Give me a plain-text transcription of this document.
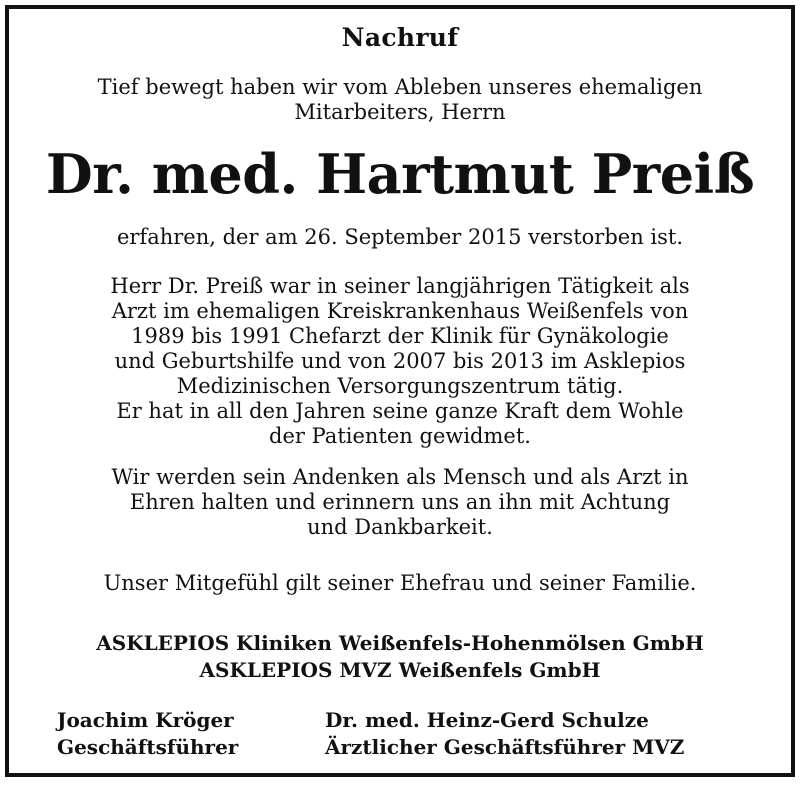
Nachruf
Tief bewegt haben wir vom Ableben unseres ehemaligen
Mitarbeiters, Herrn
Dr. med. Hartmut Preiß
erfahren, der am 26. September 2015 verstorben ist.
Herr Dr. Preiß war in seiner langjährigen Tätigkeit als
Arzt im ehemaligen Kreiskrankenhaus Weißenfels von
1989 bis 1991 Chefarzt der Klinik für Gynäkologie
und Geburtshilfe und von 2007 bis 2013 im Asklepios
Medizinischen Versorgungszentrum tätig.
Er hat in all den Jahren seine ganze Kraft dem Wohle
der Patienten gewidmet.
Wir werden sein Andenken als Mensch und als Arzt in
Ehren halten und erinnern uns an ihn mit Achtung
und Dankbarkeit.
Unser Mitgefühl gilt seiner Ehefrau und seiner Familie.
ASKLEPIOS Kliniken Weißenfels-Hohenmölsen GmbH
ASKLEPIOS MVZ Weißenfels GmbH
Joachim Kröger
Geschäftsführer
Dr. med. Heinz-Gerd Schulze
Ärztlicher Geschäftsführer MVZ
